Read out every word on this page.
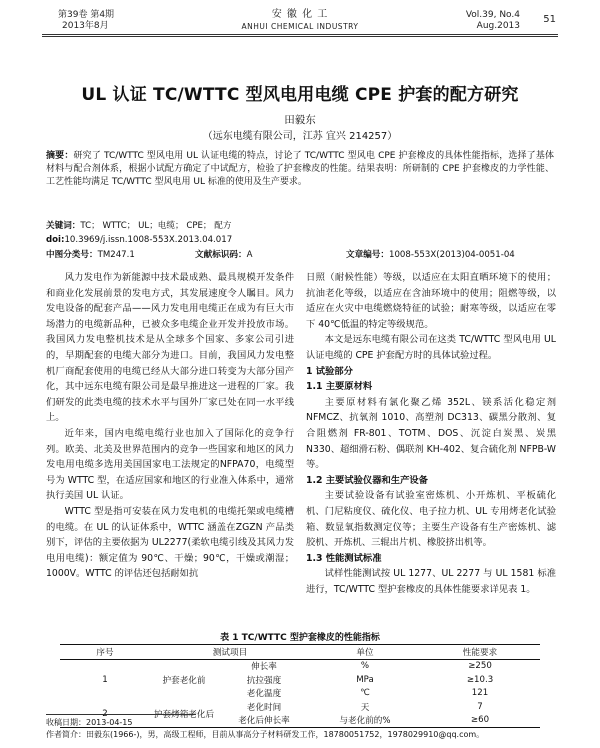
第39卷 第4期
2013年8月
安 徽 化 工
ANHUI CHEMICAL INDUSTRY
Vol.39, No.4
Aug.2013
51
UL 认证 TC/WTTC 型风电用电缆 CPE 护套的配方研究
田毅东
（远东电缆有限公司，江苏 宜兴 214257）
摘要：研究了 TC/WTTC 型风电用 UL 认证电缆的特点，讨论了 TC/WTTC 型风电 CPE 护套橡皮的具体性能指标，选择了基体材料与配合剂体系，根据小试配方确定了中试配方，检验了护套橡皮的性能。结果表明：所研制的 CPE 护套橡皮的力学性能、工艺性能均满足 TC/WTTC 型风电用 UL 标准的使用及生产要求。
关键词：TC； WTTC； UL；电缆； CPE； 配方
doi:10.3969/j.issn.1008-553X.2013.04.017
中图分类号：TM247.1	文献标识码：A	文章编号：1008-553X(2013)04-0051-04

风力发电作为新能源中技术最成熟、最具规模开发条件和商业化发展前景的发电方式，其发展速度令人瞩目。风力发电设备的配套产品——风力发电用电缆正在成为有巨大市场潜力的电缆新品种，已被众多电缆企业开发并投放市场。我国风力发电整机技术是从全球多个国家、多家公司引进的，早期配套的电缆大部分为进口。目前，我国风力发电整机厂商配套使用的电缆已经从大部分进口转变为大部分国产化，其中远东电缆有限公司是最早推进这一进程的厂家。我们研发的此类电缆的技术水平与国外厂家已处在同一水平线上。

近年来，国内电缆电缆行业也加入了国际化的竞争行列。欧美、北美及世界范围内的竞争一些国家和地区的风力发电用电缆多选用美国国家电工法规定的NFPA70，电缆型号为 WTTC 型，在适应国家和地区的行业准入体系中，通常执行美国 UL 认证。

WTTC 型是指可安装在风力发电机的电缆托架或电缆槽的电缆。在 UL 的认证体系中，WTTC 涵盖在ZGZN 产品类别下，评估的主要依据为 UL2277(柔软电缆引线及其风力发电用电缆)：额定值为 90℃、干燥；90℃，干燥或潮湿；1000V。WTTC 的评估还包括耐如抗

日照（耐候性能）等级，以适应在太阳直晒环境下的使用；抗油老化等级，以适应在含油环境中的使用；阻燃等级，以适应在火灾中电缆燃烧特征的试验；耐寒等级，以适应在零下 40℃低温的特定等级规范。

本文是远东电缆有限公司在这类 TC/WTTC 型风电用 UL 认证电缆的 CPE 护套配方时的具体试验过程。

1 试验部分

1.1 主要原材料

主要原材料有氯化聚乙烯 352L、镁系活化稳定剂 NFMCZ、抗氧剂 1010、高塑剂 DC313、碳黑分散剂、复合阻燃剂 FR-801、TOTM、DOS、沉淀白炭黑、炭黑 N330、超细滑石粉、偶联剂 KH-402、复合硫化剂 NFPB-W 等。

1.2 主要试验仪器和生产设备

主要试验设备有试验室密炼机、小开炼机、平板硫化机、门尼粘度仪、硫化仪、电子拉力机、UL 专用烤老化试验箱、数显氧指数测定仪等；主要生产设备有生产密炼机、滤胶机、开炼机、三辊出片机、橡胶挤出机等。

1.3 性能测试标准

试样性能测试按 UL 1277、UL 2277 与 UL 1581 标准进行，TC/WTTC 型护套橡皮的具体性能要求详见表 1。

表 1 TC/WTTC 型护套橡皮的性能指标
序号	测试项目		单位	性能要求
1	护套老化前	伸长率	%	≥250
		抗拉强度	MPa	≥10.3
		老化温度	℃	121
2	护套烤箱老化后	老化时间	天	7
		老化后伸长率	与老化前的%	≥60
收稿日期：2013-04-15
作者简介：田毅东(1966-)，男，高级工程师，目前从事高分子材料研发工作，18780051752，1978029910@qq.com。
